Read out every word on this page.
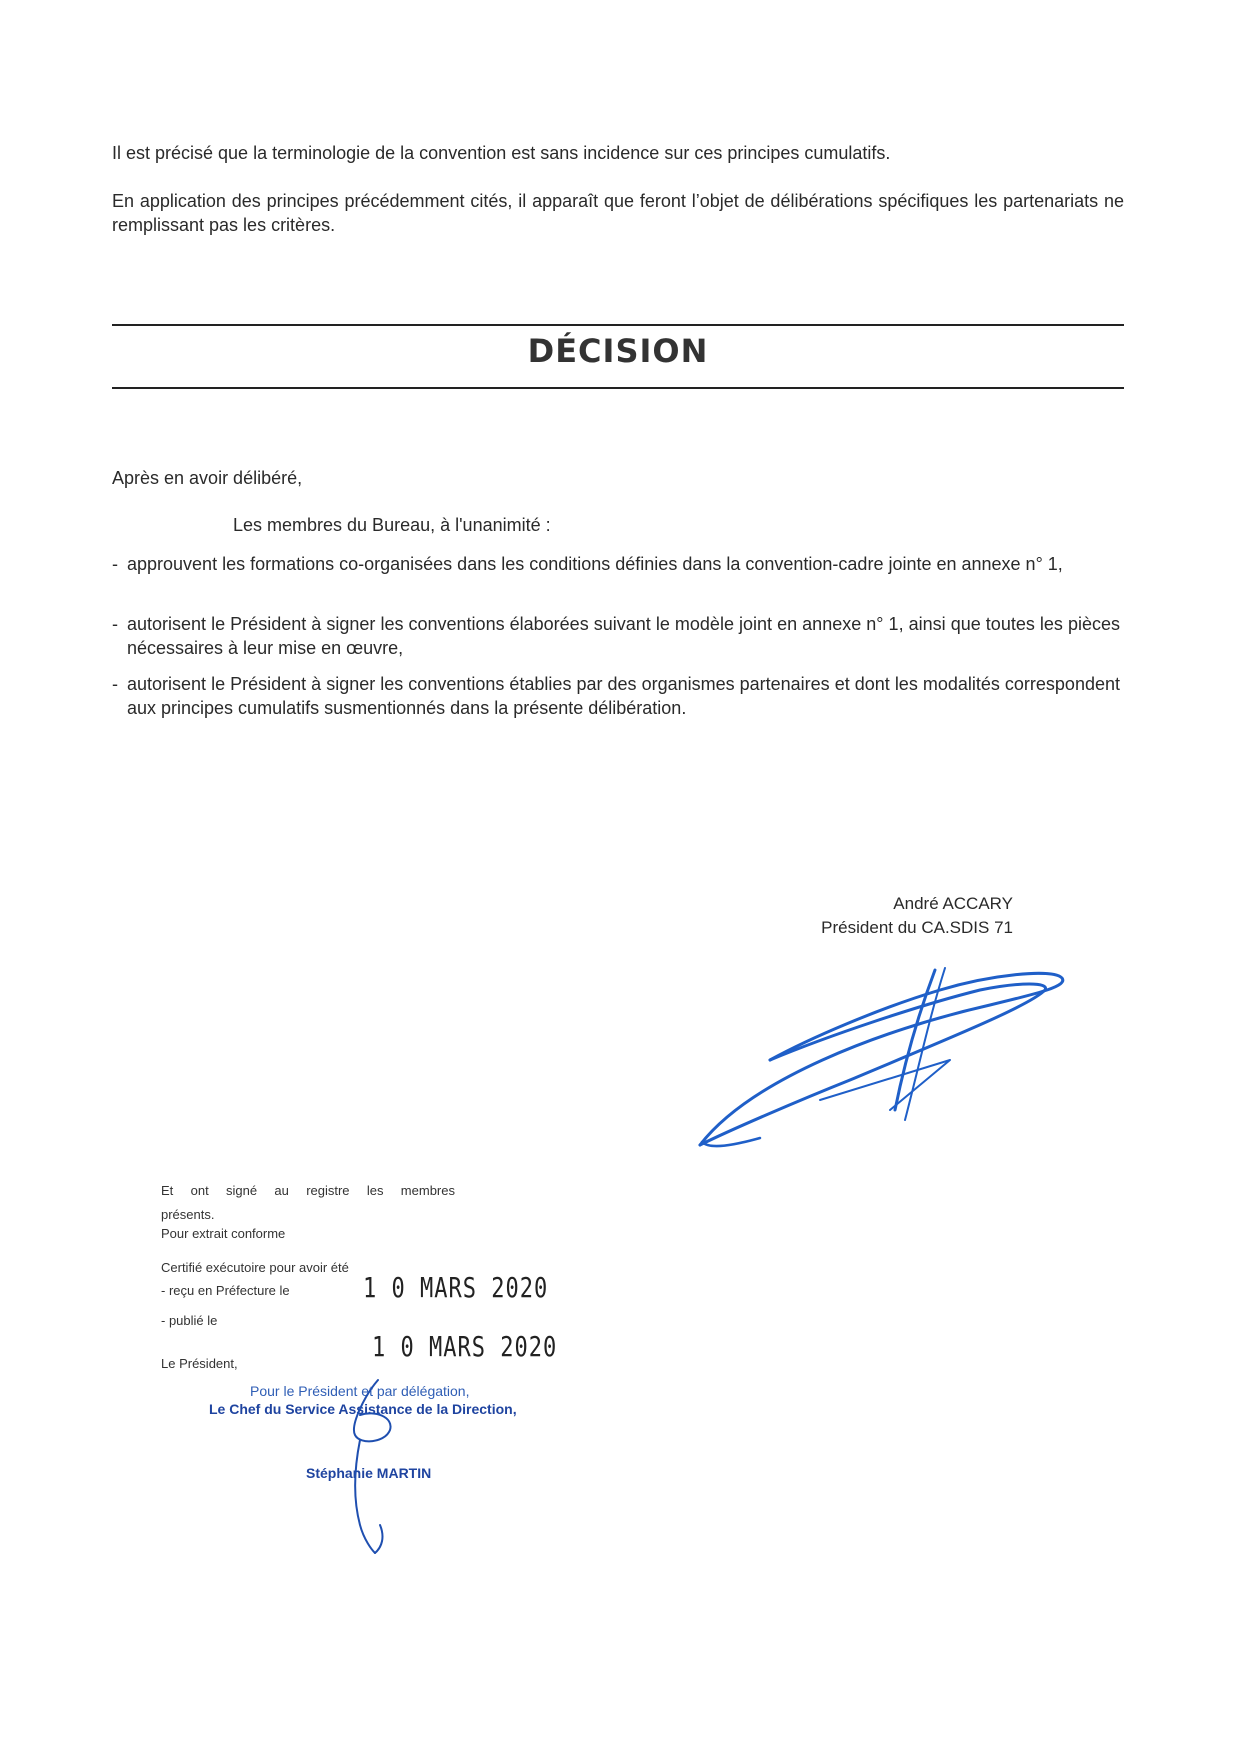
Il est précisé que la terminologie de la convention est sans incidence sur ces principes cumulatifs.
En application des principes précédemment cités, il apparaît que feront l’objet de délibérations spécifiques les partenariats ne remplissant pas les critères.
DÉCISION
Après en avoir délibéré,
Les membres du Bureau, à l'unanimité :
- approuvent les formations co-organisées dans les conditions définies dans la convention-cadre jointe en annexe n° 1,
- autorisent le Président à signer les conventions élaborées suivant le modèle joint en annexe n° 1, ainsi que toutes les pièces nécessaires à leur mise en œuvre,
- autorisent le Président à signer les conventions établies par des organismes partenaires et dont les modalités correspondent aux principes cumulatifs susmentionnés dans la présente délibération.
André ACCARY
Président du CA.SDIS 71
Et ont signé au registre les membres
présents.
Pour extrait conforme
Certifié exécutoire pour avoir été
- reçu en Préfecture le	1 0 MARS 2020
- publié le
1 0 MARS 2020
Le Président,
Pour le Président et par délégation,
Le Chef du Service Assistance de la Direction,
Stéphanie MARTIN
